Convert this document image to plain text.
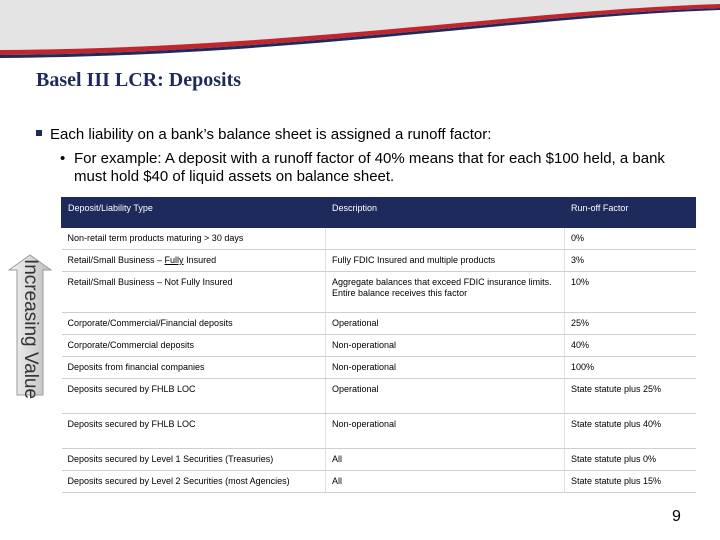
Basel III LCR: Deposits
Each liability on a bank’s balance sheet is assigned a runoff factor:
• For example: A deposit with a runoff factor of 40% means that for each $100 held, a bank must hold $40 of liquid assets on balance sheet.
Increasing Value
Deposit/Liability Type	Description	Run-off Factor
Non-retail term products maturing > 30 days		0%
Retail/Small Business – Fully Insured	Fully FDIC Insured and multiple products	3%
Retail/Small Business – Not Fully Insured	Aggregate balances that exceed FDIC insurance limits. Entire balance receives this factor	10%
Corporate/Commercial/Financial deposits	Operational	25%
Corporate/Commercial deposits	Non-operational	40%
Deposits from financial companies	Non-operational	100%
Deposits secured by FHLB LOC	Operational	State statute plus 25%
Deposits secured by FHLB LOC	Non-operational	State statute plus 40%
Deposits secured by Level 1 Securities (Treasuries)	All	State statute plus 0%
Deposits secured by Level 2 Securities (most Agencies)	All	State statute plus 15%
9
